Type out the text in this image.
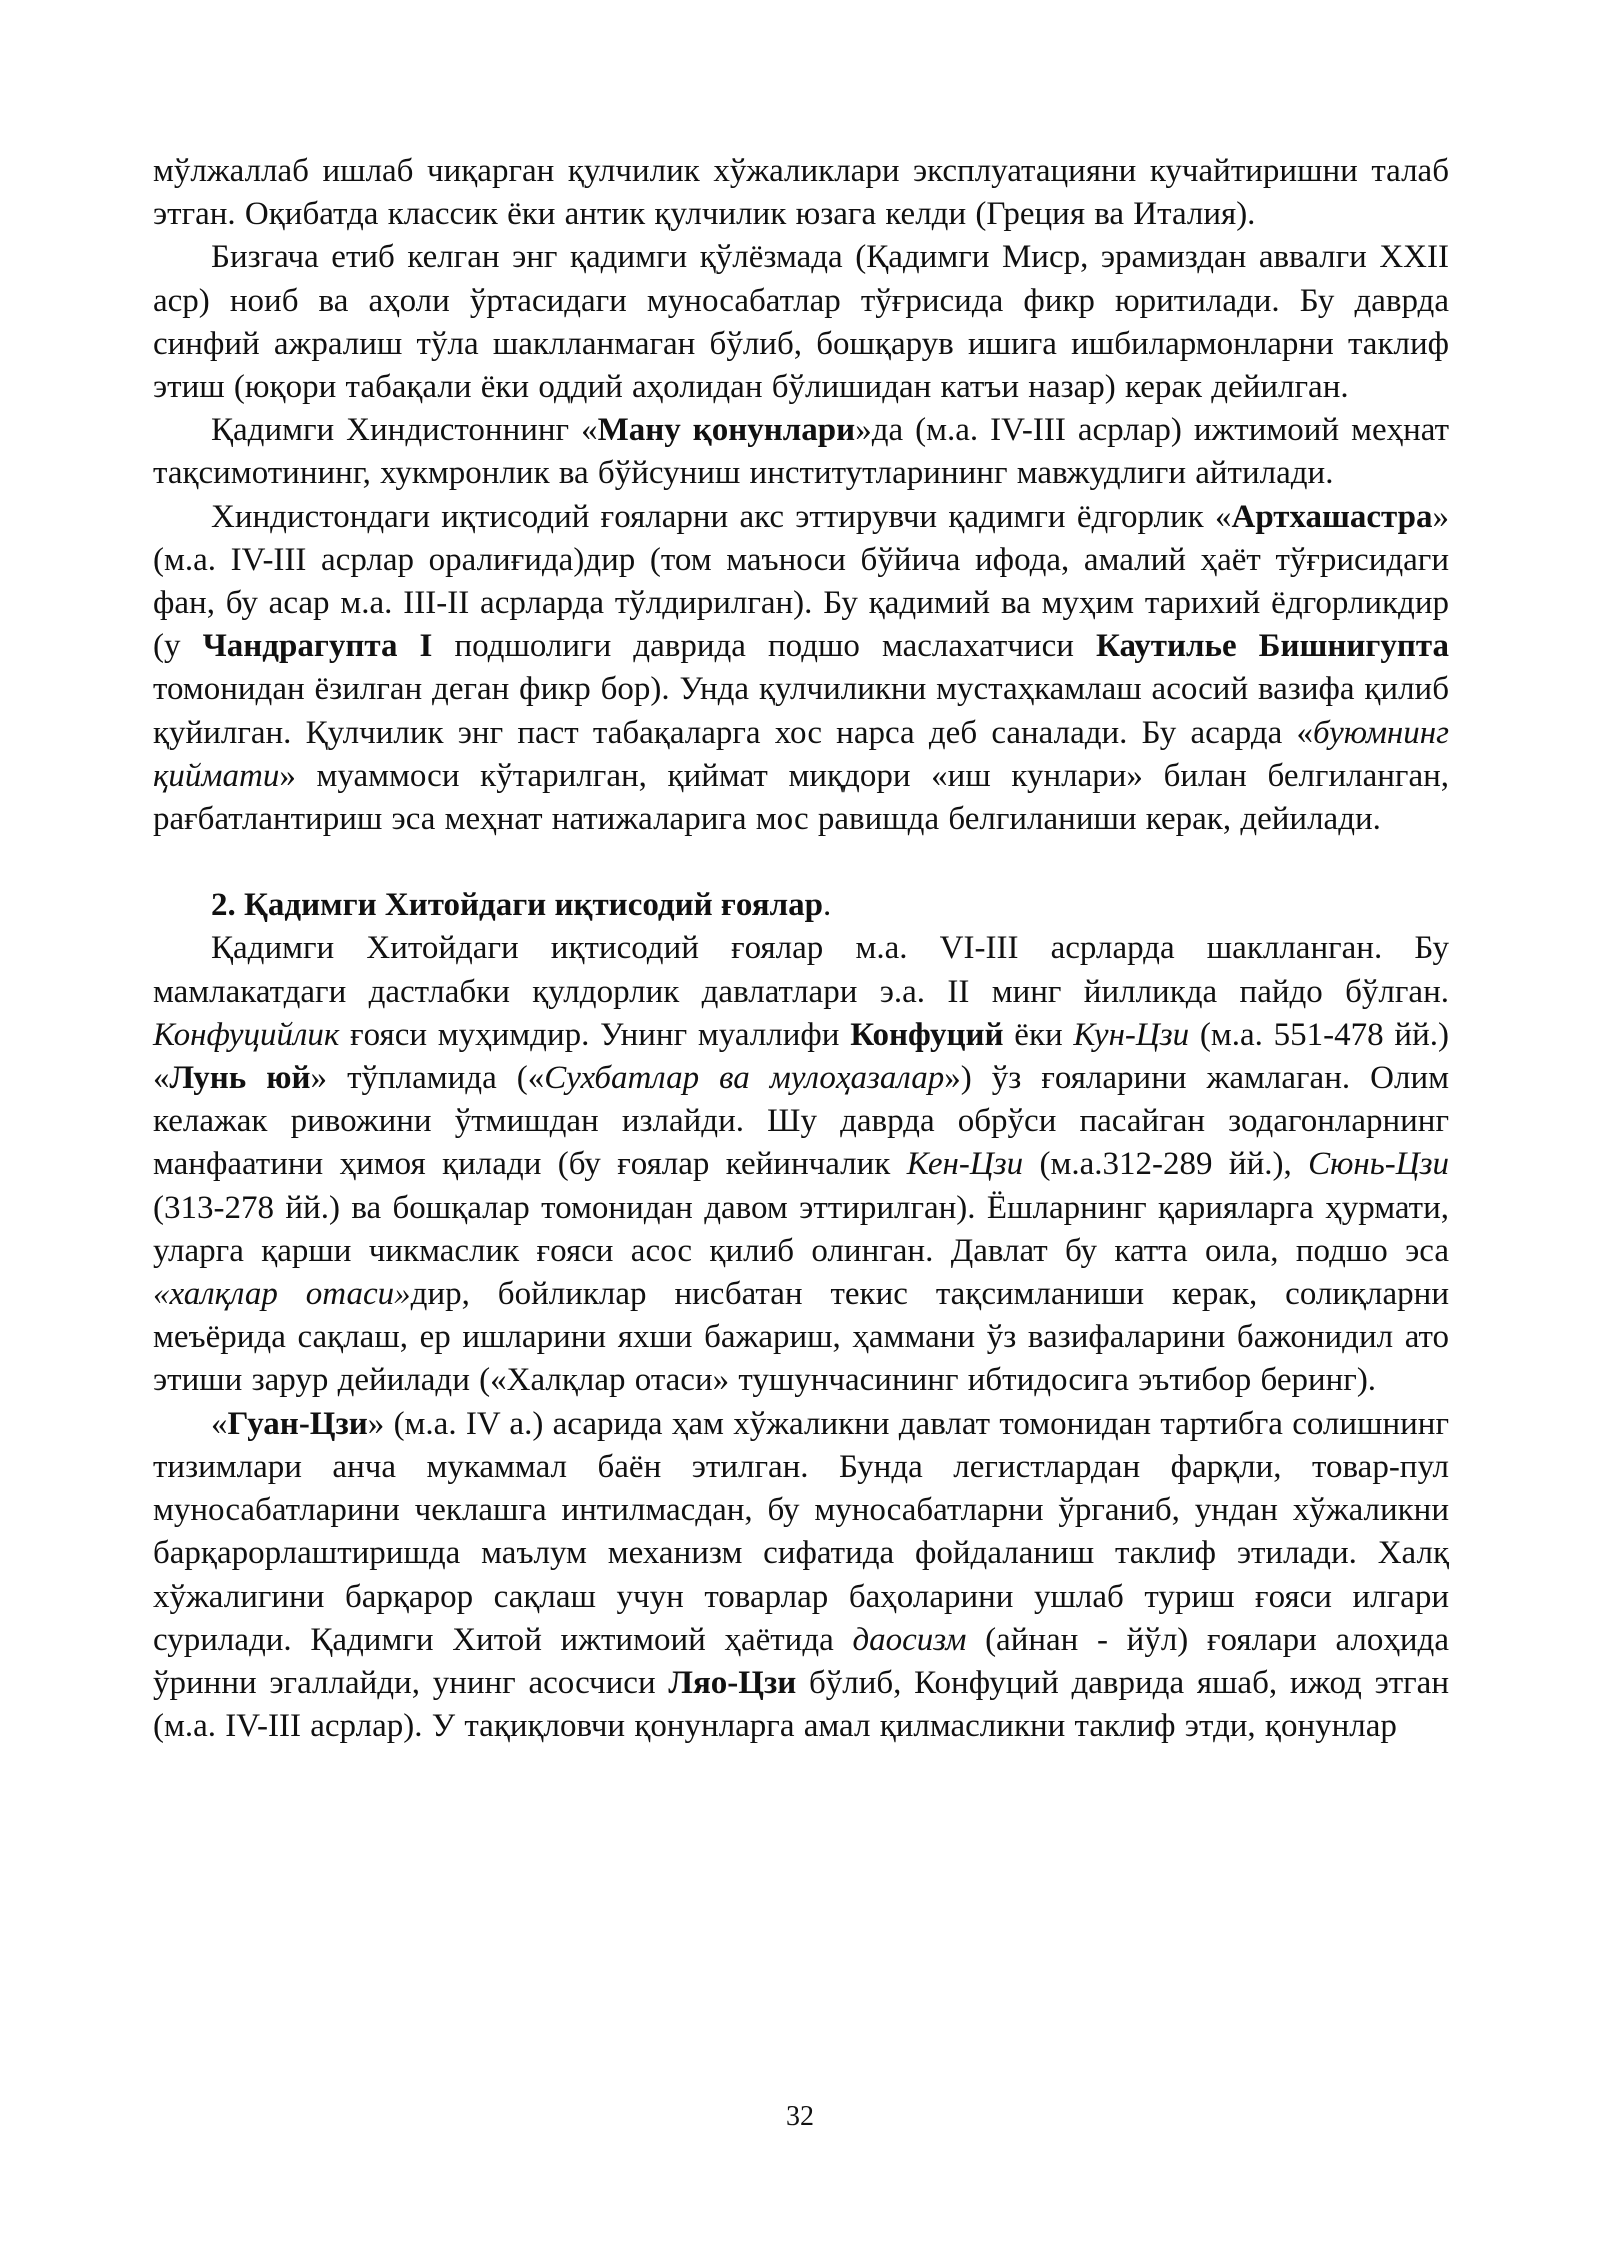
мўлжаллаб ишлаб чиқарган қулчилик хўжаликлари эксплуатацияни кучайтиришни талаб этган. Оқибатда классик ёки антик қулчилик юзага келди (Греция ва Италия).

Бизгача етиб келган энг қадимги қўлёзмада (Қадимги Миср, эрамиздан аввалги XXII аср) ноиб ва аҳоли ўртасидаги муносабатлар тўғрисида фикр юритилади. Бу даврда синфий ажралиш тўла шаклланмаган бўлиб, бошқарув ишига ишбилармонларни таклиф этиш (юқори табақали ёки оддий аҳолидан бўлишидан катъи назар) керак дейилган.

Қадимги Хиндистоннинг «Ману қонунлари»да (м.а. IV-III асрлар) ижтимоий меҳнат тақсимотининг, хукмронлик ва бўйсуниш институтларининг мавжудлиги айтилади.

Хиндистондаги иқтисодий ғояларни акс эттирувчи қадимги ёдгорлик «Артхашастра» (м.а. IV-III асрлар оралиғида)дир (том маъноси бўйича ифода, амалий ҳаёт тўғрисидаги фан, бу асар м.а. III-II асрларда тўлдирилган). Бу қадимий ва муҳим тарихий ёдгорликдир (у Чандрагупта I подшолиги даврида подшо маслахатчиси Каутилье Бишнигупта томонидан ёзилган деган фикр бор). Унда қулчиликни мустаҳкамлаш асосий вазифа қилиб қуйилган. Қулчилик энг паст табақаларга хос нарса деб саналади. Бу асарда «буюмнинг қиймати» муаммоси кўтарилган, қиймат миқдори «иш кунлари» билан белгиланган, рағбатлантириш эса меҳнат натижаларига мос равишда белгиланиши керак, дейилади.

2. Қадимги Хитойдаги иқтисодий ғоялар.

Қадимги Хитойдаги иқтисодий ғоялар м.а. VI-III асрларда шаклланган. Бу мамлакатдаги дастлабки қулдорлик давлатлари э.а. II минг йилликда пайдо бўлган. Конфуцийлик ғояси муҳимдир. Унинг муаллифи Конфуций ёки Кун-Цзи (м.а. 551-478 йй.) «Лунь юй» тўпламида («Сухбатлар ва мулоҳазалар») ўз ғояларини жамлаган. Олим келажак ривожини ўтмишдан излайди. Шу даврда обрўси пасайган зодагонларнинг манфаатини ҳимоя қилади (бу ғоялар кейинчалик Кен-Цзи (м.а.312-289 йй.), Сюнь-Цзи (313-278 йй.) ва бошқалар томонидан давом эттирилган). Ёшларнинг қарияларга ҳурмати, уларга қарши чикмаслик ғояси асос қилиб олинган. Давлат бу катта оила, подшо эса «халқлар отаси»дир, бойликлар нисбатан текис тақсимланиши керак, солиқларни меъёрида сақлаш, ер ишларини яхши бажариш, ҳаммани ўз вазифаларини бажонидил ато этиши зарур дейилади («Халқлар отаси» тушунчасининг ибтидосига эътибор беринг).

«Гуан-Цзи» (м.а. IV а.) асарида ҳам хўжаликни давлат томонидан тартибга солишнинг тизимлари анча мукаммал баён этилган. Бунда легистлардан фарқли, товар-пул муносабатларини чеклашга интилмасдан, бу муносабатларни ўрганиб, ундан хўжаликни барқарорлаштиришда маълум механизм сифатида фойдаланиш таклиф этилади. Халқ хўжалигини барқарор сақлаш учун товарлар баҳоларини ушлаб туриш ғояси илгари сурилади. Қадимги Хитой ижтимоий ҳаётида даосизм (айнан - йўл) ғоялари алоҳида ўринни эгаллайди, унинг асосчиси Ляо-Цзи бўлиб, Конфуций даврида яшаб, ижод этган (м.а. IV-III асрлар). У тақиқловчи қонунларга амал қилмасликни таклиф этди, қонунлар

32
